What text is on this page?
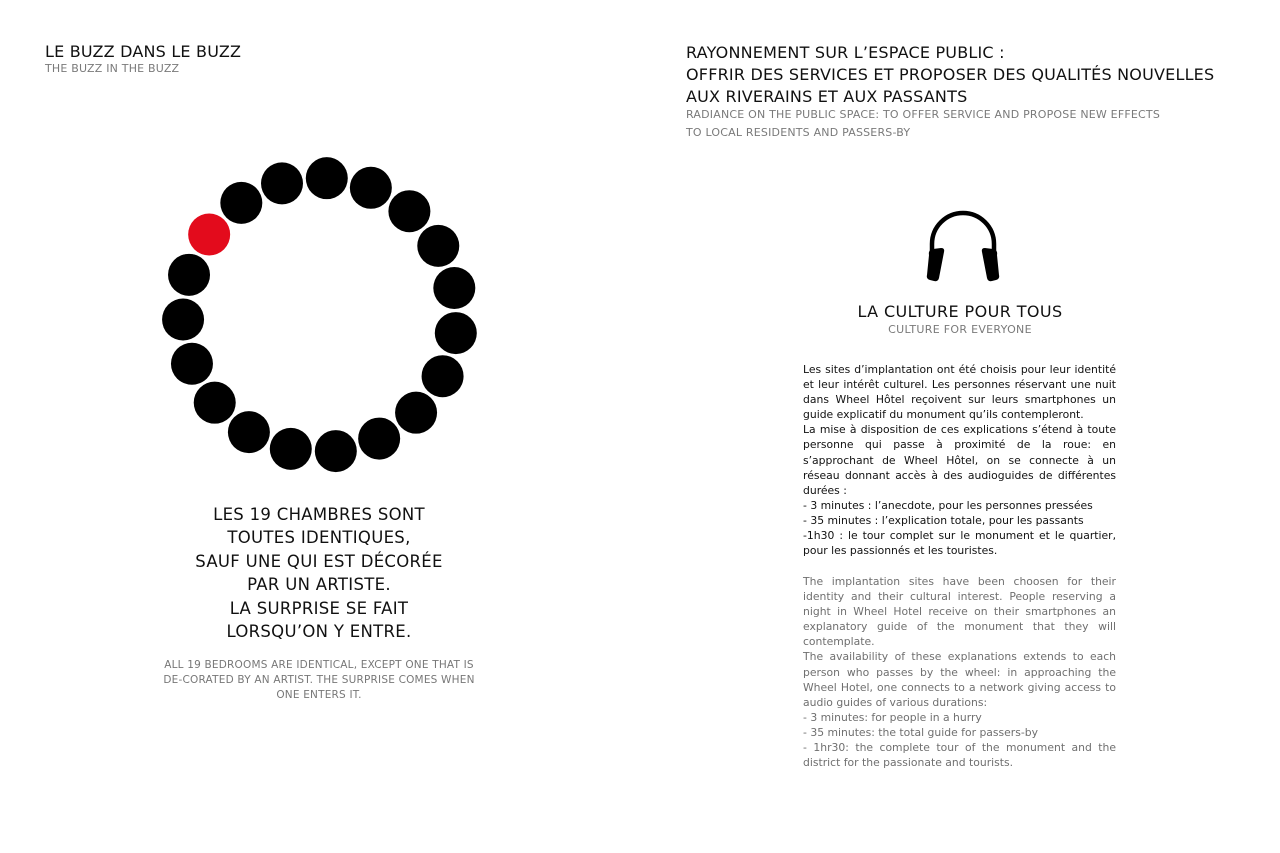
LE BUZZ DANS LE BUZZ
THE BUZZ IN THE BUZZ
LES 19 CHAMBRES SONT
TOUTES IDENTIQUES,
SAUF UNE QUI EST DÉCORÉE
PAR UN ARTISTE.
LA SURPRISE SE FAIT
LORSQU’ON Y ENTRE.
ALL 19 BEDROOMS ARE IDENTICAL, EXCEPT ONE THAT IS DE-CORATED BY AN ARTIST. THE SURPRISE COMES WHEN ONE ENTERS IT.
RAYONNEMENT SUR L’ESPACE PUBLIC :
OFFRIR DES SERVICES ET PROPOSER DES QUALITÉS NOUVELLES
AUX RIVERAINS ET AUX PASSANTS
RADIANCE ON THE PUBLIC SPACE: TO OFFER SERVICE AND PROPOSE NEW EFFECTS
TO LOCAL RESIDENTS AND PASSERS-BY
LA CULTURE POUR TOUS
CULTURE FOR EVERYONE

Les sites d’implantation ont été choisis pour leur identité et leur intérêt culturel. Les personnes réservant une nuit dans Wheel Hôtel reçoivent sur leurs smartphones un guide explicatif du monument qu’ils contempleront.

La mise à disposition de ces explications s’étend à toute personne qui passe à proximité de la roue: en s’approchant de Wheel Hôtel, on se connecte à un réseau donnant accès à des audioguides de différentes durées :

- 3 minutes : l’anecdote, pour les personnes pressées
- 35 minutes : l’explication totale, pour les passants

-1h30 : le tour complet sur le monument et le quartier, pour les passionnés et les touristes.

The implantation sites have been choosen for their identity and their cultural interest. People reserving a night in Wheel Hotel receive on their smartphones an explanatory guide of the monument that they will contemplate.

The availability of these explanations extends to each person who passes by the wheel: in approaching the Wheel Hotel, one connects to a network giving access to audio guides of various durations:

- 3 minutes: for people in a hurry
- 35 minutes: the total guide for passers-by

- 1hr30: the complete tour of the monument and the district for the passionate and tourists.
